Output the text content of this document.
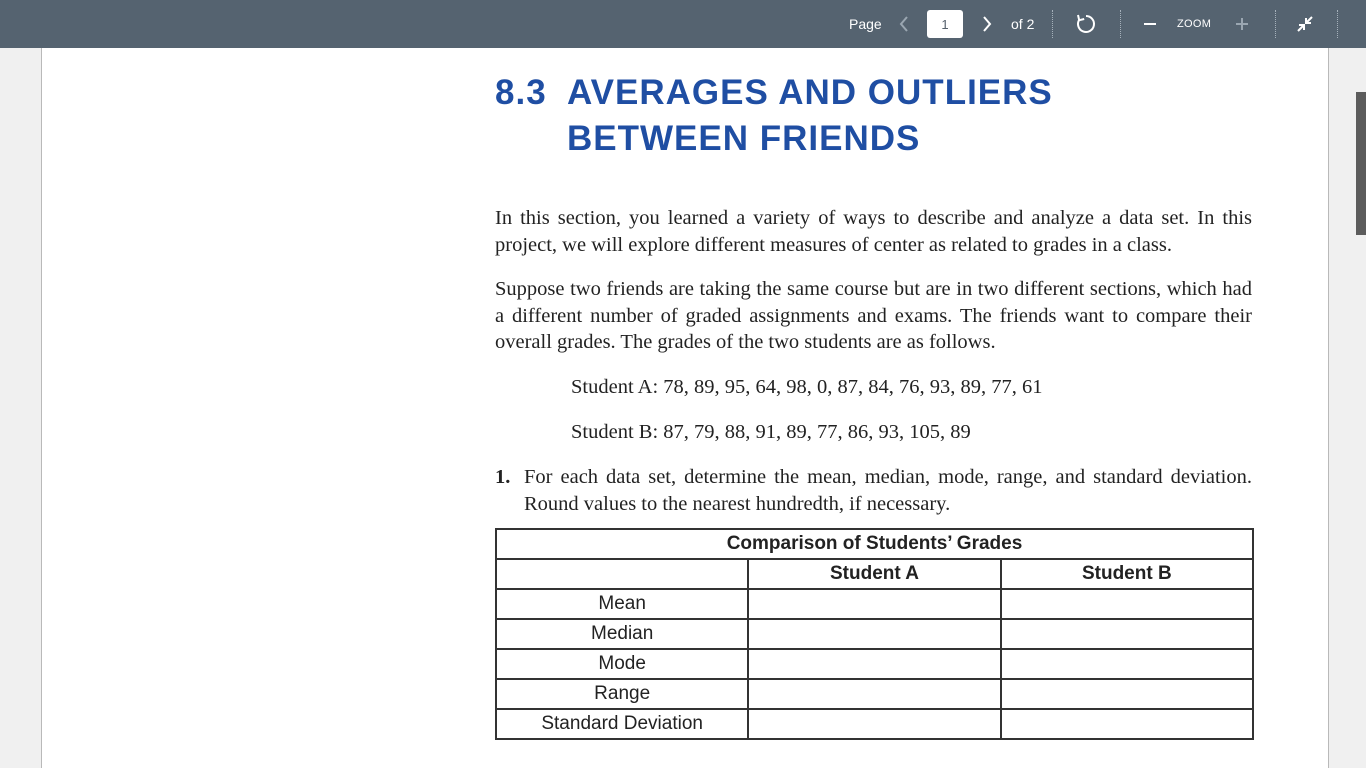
Page
1	of 2	ZOOM
8.3 AVERAGES AND OUTLIERS BETWEEN FRIENDS

In this section, you learned a variety of ways to describe and analyze a data set. In this project, we will explore different measures of center as related to grades in a class.

Suppose two friends are taking the same course but are in two different sections, which had a different number of graded assignments and exams. The friends want to compare their overall grades. The grades of the two students are as follows.

Student A: 78, 89, 95, 64, 98, 0, 87, 84, 76, 93, 89, 77, 61
Student B: 87, 79, 88, 91, 89, 77, 86, 93, 105, 89
1. For each data set, determine the mean, median, mode, range, and standard deviation. Round values to the nearest hundredth, if necessary.

Comparison of Students’ Grades		
	Student A	Student B
Mean		
Median		
Mode		
Range		
Standard Deviation		
